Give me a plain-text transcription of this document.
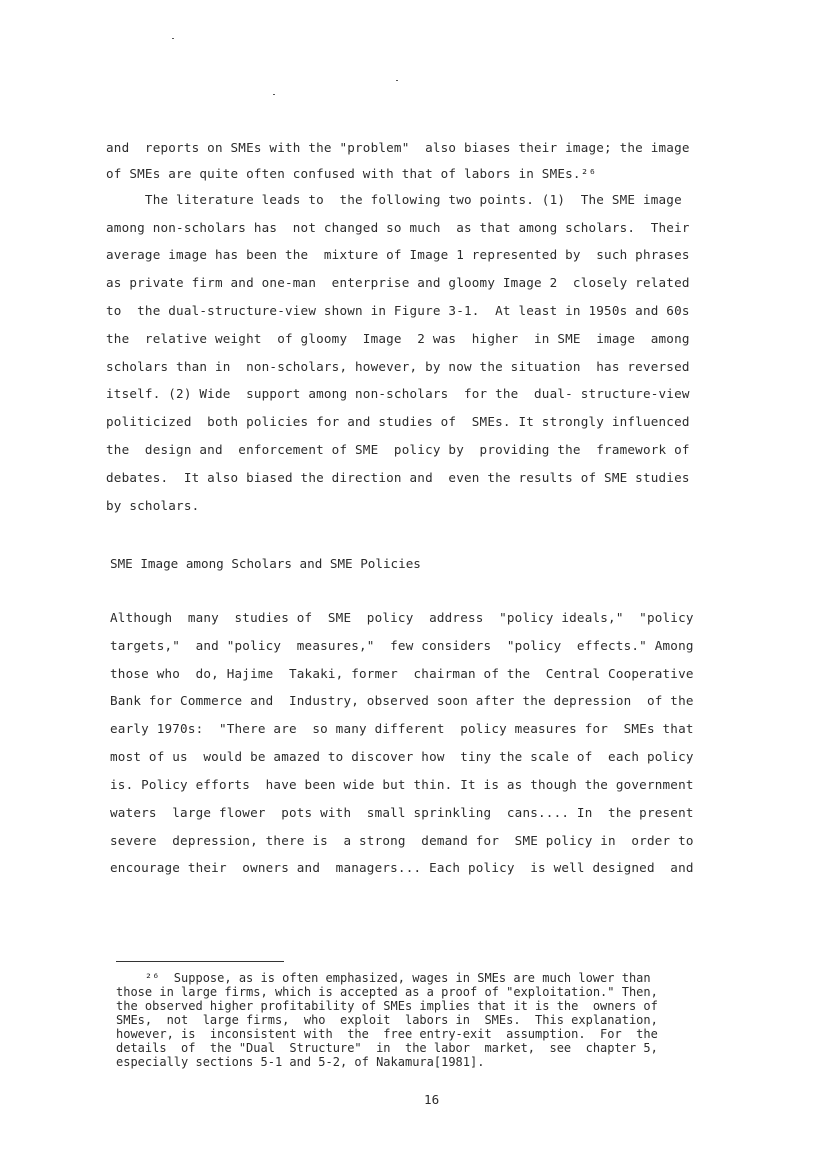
and  reports on SMEs with the "problem"  also biases their image; the image
of SMEs are quite often confused with that of labors in SMEs.²⁶
The literature leads to  the following two points. (1)  The SME image
among non-scholars has  not changed so much  as that among scholars.  Their
average image has been the  mixture of Image 1 represented by  such phrases
as private firm and one-man  enterprise and gloomy Image 2  closely related
to  the dual-structure-view shown in Figure 3-1.  At least in 1950s and 60s
the  relative weight  of gloomy  Image  2 was  higher  in SME  image  among
scholars than in  non-scholars, however, by now the situation  has reversed
itself. (2) Wide  support among non-scholars  for the  dual- structure-view
politicized  both policies for and studies of  SMEs. It strongly influenced
the  design and  enforcement of SME  policy by  providing the  framework of
debates.  It also biased the direction and  even the results of SME studies
by scholars.
SME Image among Scholars and SME Policies
Although  many  studies of  SME  policy  address  "policy ideals,"  "policy
targets,"  and "policy  measures,"  few considers  "policy  effects." Among
those who  do, Hajime  Takaki, former  chairman of the  Central Cooperative
Bank for Commerce and  Industry, observed soon after the depression  of the
early 1970s:  "There are  so many different  policy measures for  SMEs that
most of us  would be amazed to discover how  tiny the scale of  each policy
is. Policy efforts  have been wide but thin. It is as though the government
waters  large flower  pots with  small sprinkling  cans.... In  the present
severe  depression, there is  a strong  demand for  SME policy in  order to
encourage their  owners and  managers... Each policy  is well designed  and
²⁶  Suppose, as is often emphasized, wages in SMEs are much lower than
those in large firms, which is accepted as a proof of "exploitation." Then,
the observed higher profitability of SMEs implies that it is the  owners of
SMEs,  not  large firms,  who  exploit  labors in  SMEs.  This explanation,
however, is  inconsistent with  the  free entry-exit  assumption.  For  the
details  of  the "Dual  Structure"  in  the labor  market,  see  chapter 5,
especially sections 5-1 and 5-2, of Nakamura[1981].
16
